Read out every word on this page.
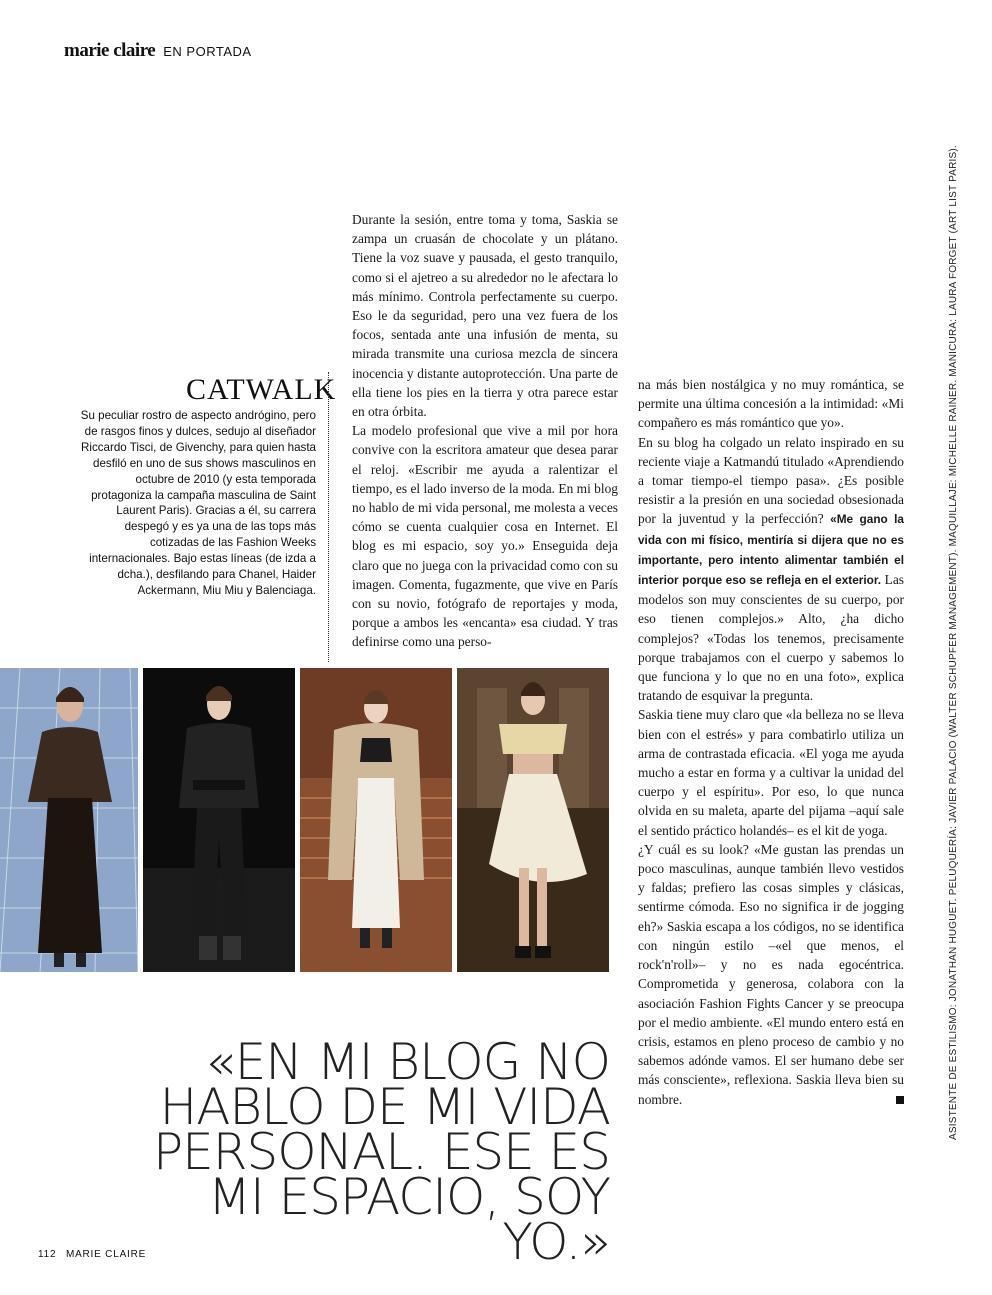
marie claire EN PORTADA
CATWALK
Su peculiar rostro de aspecto andrógino, pero de rasgos finos y dulces, sedujo al diseñador Riccardo Tisci, de Givenchy, para quien hasta desfiló en uno de sus shows masculinos en octubre de 2010 (y esta temporada protagoniza la campaña masculina de Saint Laurent Paris). Gracias a él, su carrera despegó y es ya una de las tops más cotizadas de las Fashion Weeks internacionales. Bajo estas líneas (de izda a dcha.), desfilando para Chanel, Haider Ackermann, Miu Miu y Balenciaga.

Durante la sesión, entre toma y toma, Saskia se zampa un cruasán de chocolate y un plátano. Tiene la voz suave y pausada, el gesto tranquilo, como si el ajetreo a su alrededor no le afectara lo más mínimo. Controla perfectamente su cuerpo. Eso le da seguridad, pero una vez fuera de los focos, sentada ante una infusión de menta, su mirada transmite una curiosa mezcla de sincera inocencia y distante autoprotección. Una parte de ella tiene los pies en la tierra y otra parece estar en otra órbita.

La modelo profesional que vive a mil por hora convive con la escritora amateur que desea parar el reloj. «Escribir me ayuda a ralentizar el tiempo, es el lado inverso de la moda. En mi blog no hablo de mi vida personal, me molesta a veces cómo se cuenta cualquier cosa en Internet. El blog es mi espacio, soy yo.» Enseguida deja claro que no juega con la privacidad como con su imagen. Comenta, fugazmente, que vive en París con su novio, fotógrafo de reportajes y moda, porque a ambos les «encanta» esa ciudad. Y tras definirse como una perso-

na más bien nostálgica y no muy romántica, se permite una última concesión a la intimidad: «Mi compañero es más romántico que yo».

En su blog ha colgado un relato inspirado en su reciente viaje a Katmandú titulado «Aprendiendo a tomar tiempo-el tiempo pasa». ¿Es posible resistir a la presión en una sociedad obsesionada por la juventud y la perfección? «Me gano la vida con mi físico, mentiría si dijera que no es importante, pero intento alimentar también el interior porque eso se refleja en el exterior. Las modelos son muy conscientes de su cuerpo, por eso tienen complejos.» Alto, ¿ha dicho complejos? «Todas los tenemos, precisamente porque trabajamos con el cuerpo y sabemos lo que funciona y lo que no en una foto», explica tratando de esquivar la pregunta.

Saskia tiene muy claro que «la belleza no se lleva bien con el estrés» y para combatirlo utiliza un arma de contrastada eficacia. «El yoga me ayuda mucho a estar en forma y a cultivar la unidad del cuerpo y el espíritu». Por eso, lo que nunca olvida en su maleta, aparte del pijama –aquí sale el sentido práctico holandés– es el kit de yoga.

¿Y cuál es su look? «Me gustan las prendas un poco masculinas, aunque también llevo vestidos y faldas; prefiero las cosas simples y clásicas, sentirme cómoda. Eso no significa ir de jogging eh?» Saskia escapa a los códigos, no se identifica con ningún estilo –«el que menos, el rock'n'roll»– y no es nada egocéntrica. Comprometida y generosa, colabora con la asociación Fashion Fights Cancer y se preocupa por el medio ambiente. «El mundo entero está en crisis, estamos en pleno proceso de cambio y no sabemos adónde vamos. El ser humano debe ser más consciente», reflexiona. Saskia lleva bien su nombre.

«EN MI BLOG NO
HABLO DE MI VIDA
PERSONAL. ESE ES
MI ESPACIO, SOY YO.»
ASISTENTE DE ESTILISMO: JONATHAN HUGUET. PELUQUERÍA: JAVIER PALACIO (WALTER SCHUPFER MANAGEMENT). MAQUILLAJE: MICHELLE RAINER. MANICURA: LAURA FORGET (ART LIST PARIS).
112 MARIE CLAIRE
